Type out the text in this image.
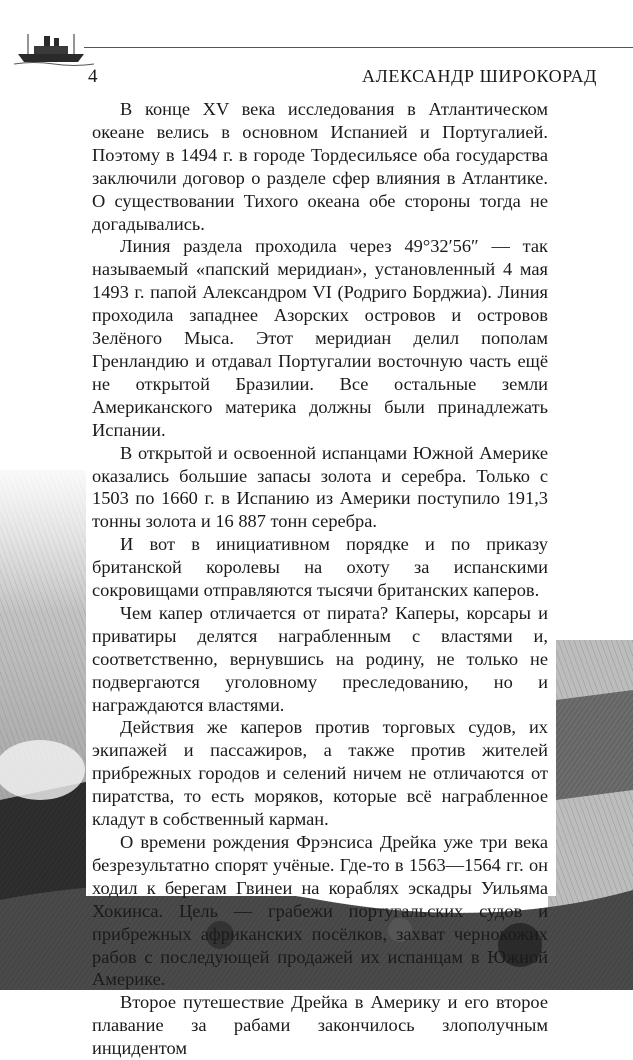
4	АЛЕКСАНДР ШИРОКОРАД

В конце XV века исследования в Атлантическом океане велись в основном Испанией и Португалией. Поэтому в 1494 г. в городе Тордесильясе оба государства заключили договор о разделе сфер влияния в Атлантике. О существовании Тихого океана обе стороны тогда не догадывались.

Линия раздела проходила через 49°32′56″ — так называемый «папский меридиан», установленный 4 мая 1493 г. папой Александром VI (Родриго Борджиа). Линия проходила западнее Азорских островов и островов Зелёного Мыса. Этот меридиан делил пополам Гренландию и отдавал Португалии восточную часть ещё не открытой Бразилии. Все остальные земли Американского материка должны были принадлежать Испании.

В открытой и освоенной испанцами Южной Америке оказались большие запасы золота и серебра. Только с 1503 по 1660 г. в Испанию из Америки поступило 191,3 тонны золота и 16 887 тонн серебра.

И вот в инициативном порядке и по приказу британской королевы на охоту за испанскими сокровищами отправляются тысячи британских каперов.

Чем капер отличается от пирата? Каперы, корсары и приватиры делятся награбленным с властями и, соответственно, вернувшись на родину, не только не подвергаются уголовному преследованию, но и награждаются властями.

Действия же каперов против торговых судов, их экипажей и пассажиров, а также против жителей прибрежных городов и селений ничем не отличаются от пиратства, то есть моряков, которые всё награбленное кладут в собственный карман.

О времени рождения Фрэнсиса Дрейка уже три века безрезультатно спорят учёные. Где-то в 1563—1564 гг. он ходил к берегам Гвинеи на кораблях эскадры Уильяма Хокинса. Цель — грабежи португальских судов и прибрежных африканских посёлков, захват чернокожих рабов с последующей продажей их испанцам в Южной Америке.

Второе путешествие Дрейка в Америку и его второе плавание за рабами закончилось злополучным инцидентом
